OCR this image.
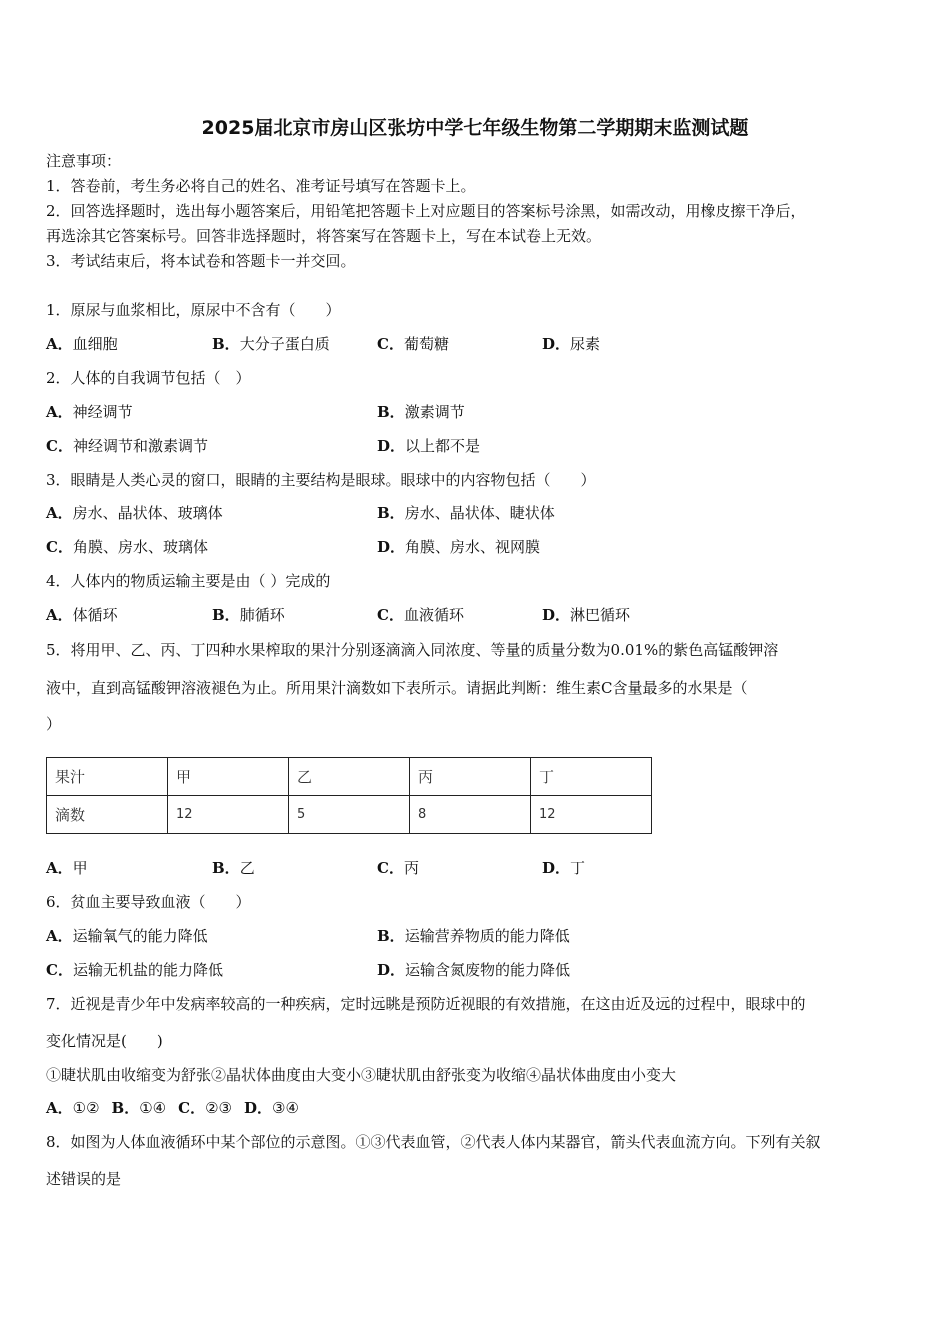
2025届北京市房山区张坊中学七年级生物第二学期期末监测试题
注意事项：
1．答卷前，考生务必将自己的姓名、准考证号填写在答题卡上。
2．回答选择题时，选出每小题答案后，用铅笔把答题卡上对应题目的答案标号涂黑，如需改动，用橡皮擦干净后，
再选涂其它答案标号。回答非选择题时，将答案写在答题卡上，写在本试卷上无效。
3．考试结束后，将本试卷和答题卡一并交回。
1．原尿与血浆相比，原尿中不含有（　　）
A．血细胞	B．大分子蛋白质	C．葡萄糖	D．尿素
2．人体的自我调节包括（　）
A．神经调节	B．激素调节
C．神经调节和激素调节	D．以上都不是
3．眼睛是人类心灵的窗口，眼睛的主要结构是眼球。眼球中的内容物包括（　　）
A．房水、晶状体、玻璃体	B．房水、晶状体、睫状体
C．角膜、房水、玻璃体	D．角膜、房水、视网膜
4．人体内的物质运输主要是由（ ）完成的
A．体循环	B．肺循环	C．血液循环	D．淋巴循环
5．将用甲、乙、丙、丁四种水果榨取的果汁分别逐滴滴入同浓度、等量的质量分数为0.01%的紫色高锰酸钾溶
液中，直到高锰酸钾溶液褪色为止。所用果汁滴数如下表所示。请据此判断：维生素C含量最多的水果是（
）
果汁	甲	乙	丙	丁
滴数	12	5	8	12
A．甲	B．乙	C．丙	D．丁
6．贫血主要导致血液（　　）
A．运输氧气的能力降低	B．运输营养物质的能力降低
C．运输无机盐的能力降低	D．运输含氮废物的能力降低
7．近视是青少年中发病率较高的一种疾病，定时远眺是预防近视眼的有效措施，在这由近及远的过程中，眼球中的
变化情况是(　　)
①睫状肌由收缩变为舒张②晶状体曲度由大变小③睫状肌由舒张变为收缩④晶状体曲度由小变大
A．①② B．①④ C．②③ D．③④
8．如图为人体血液循环中某个部位的示意图。①③代表血管，②代表人体内某器官，箭头代表血流方向。下列有关叙
述错误的是
